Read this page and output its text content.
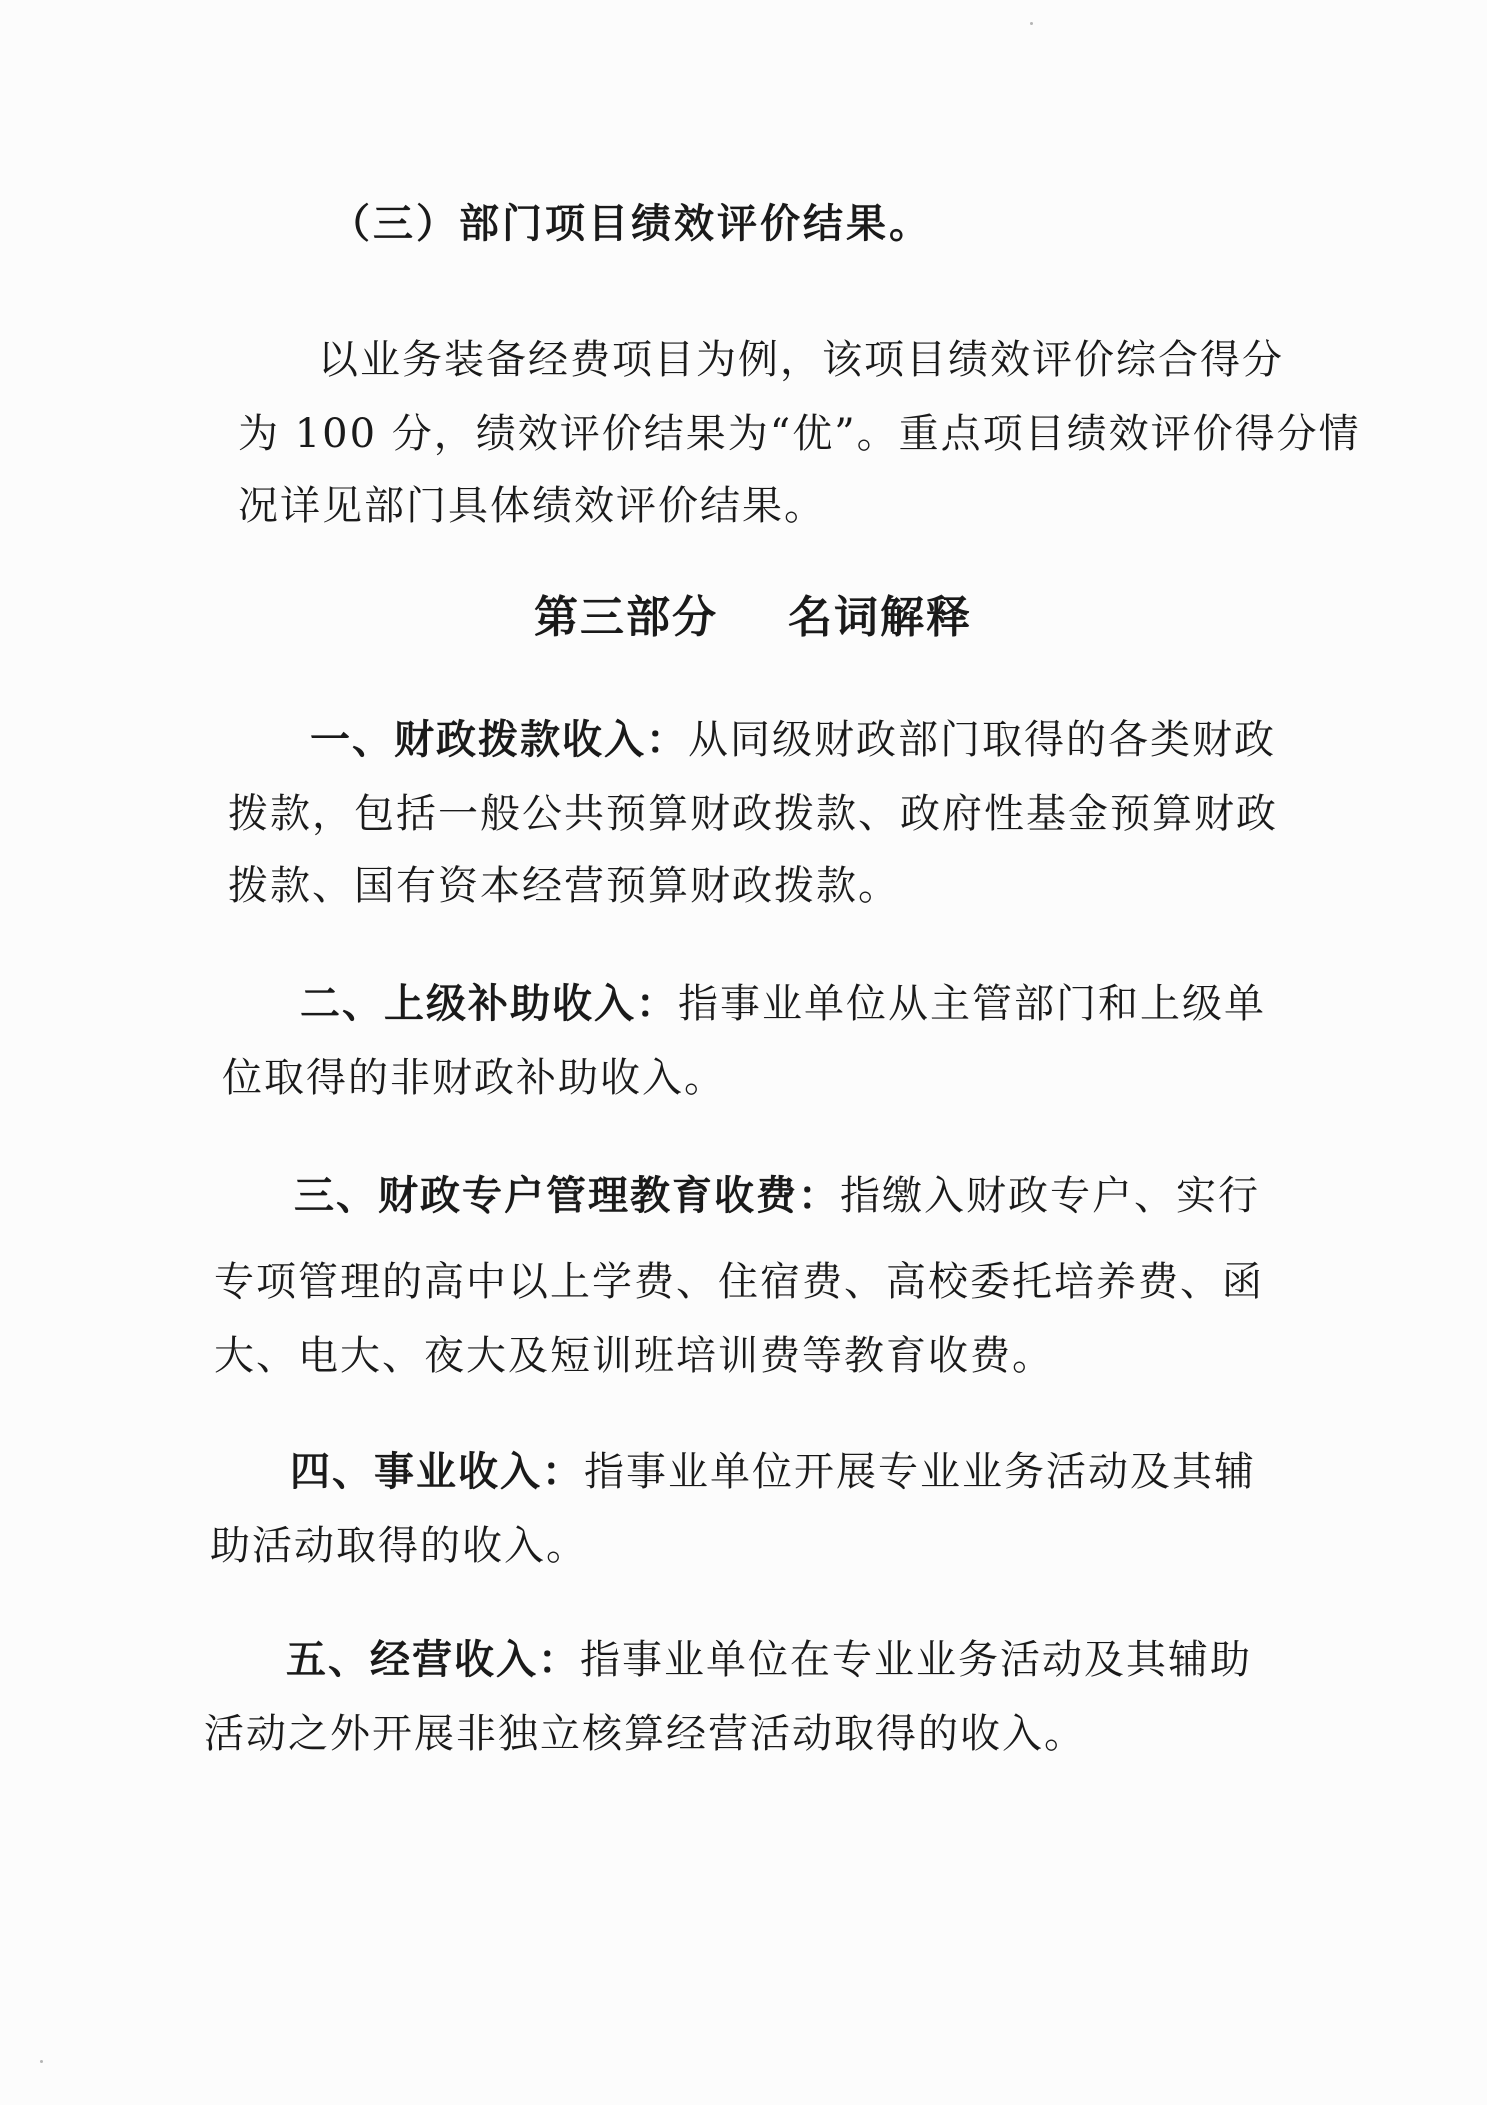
（三）部门项目绩效评价结果。
以业务装备经费项目为例，该项目绩效评价综合得分
为 100 分，绩效评价结果为“优”。重点项目绩效评价得分情
况详见部门具体绩效评价结果。
第三部分 名词解释
一、财政拨款收入：从同级财政部门取得的各类财政
拨款，包括一般公共预算财政拨款、政府性基金预算财政
拨款、国有资本经营预算财政拨款。
二、上级补助收入：指事业单位从主管部门和上级单
位取得的非财政补助收入。
三、财政专户管理教育收费：指缴入财政专户、实行
专项管理的高中以上学费、住宿费、高校委托培养费、函
大、电大、夜大及短训班培训费等教育收费。
四、事业收入：指事业单位开展专业业务活动及其辅
助活动取得的收入。
五、经营收入：指事业单位在专业业务活动及其辅助
活动之外开展非独立核算经营活动取得的收入。
